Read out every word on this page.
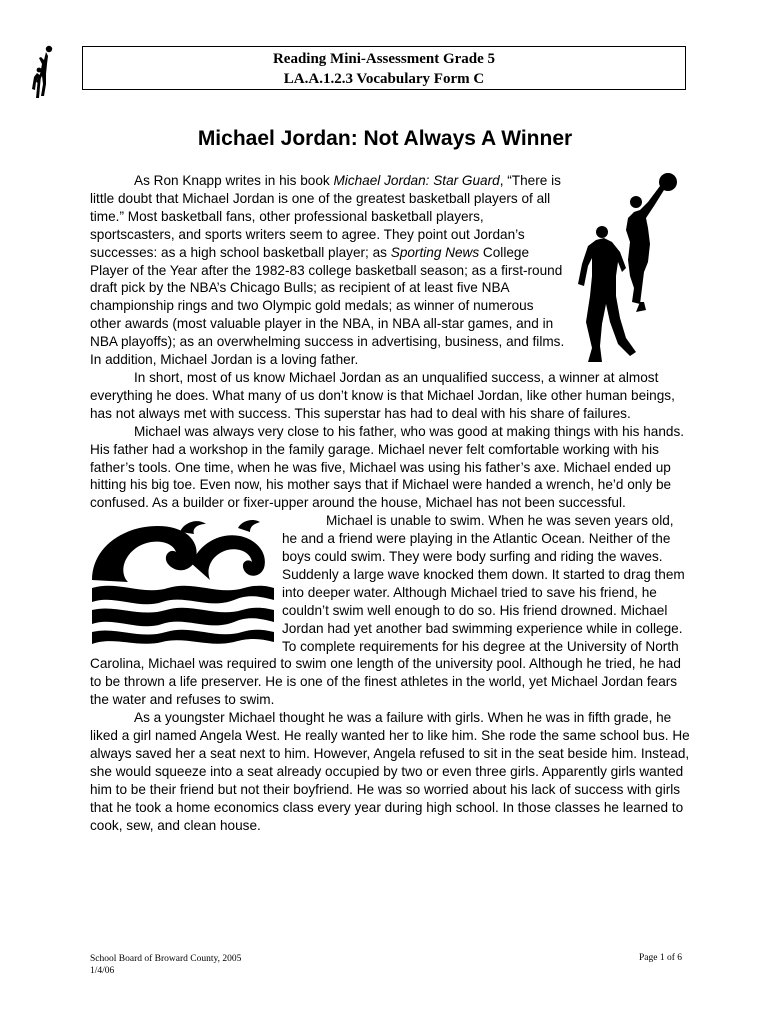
Reading Mini-Assessment Grade 5
LA.A.1.2.3 Vocabulary Form C
Michael Jordan: Not Always A Winner

As Ron Knapp writes in his book Michael Jordan: Star Guard, “There is little doubt that Michael Jordan is one of the greatest basketball players of all time.” Most basketball fans, other professional basketball players, sportscasters, and sports writers seem to agree. They point out Jordan’s successes: as a high school basketball player; as Sporting News College Player of the Year after the 1982-83 college basketball season; as a first-round draft pick by the NBA’s Chicago Bulls; as recipient of at least five NBA championship rings and two Olympic gold medals; as winner of numerous other awards (most valuable player in the NBA, in NBA all-star games, and in NBA playoffs); as an overwhelming success in advertising, business, and films. In addition, Michael Jordan is a loving father.

In short, most of us know Michael Jordan as an unqualified success, a winner at almost everything he does. What many of us don’t know is that Michael Jordan, like other human beings, has not always met with success. This superstar has had to deal with his share of failures.

Michael was always very close to his father, who was good at making things with his hands. His father had a workshop in the family garage. Michael never felt comfortable working with his father’s tools. One time, when he was five, Michael was using his father’s axe. Michael ended up hitting his big toe. Even now, his mother says that if Michael were handed a wrench, he’d only be confused. As a builder or fixer-upper around the house, Michael has not been successful.

Michael is unable to swim. When he was seven years old, he and a friend were playing in the Atlantic Ocean. Neither of the boys could swim. They were body surfing and riding the waves. Suddenly a large wave knocked them down. It started to drag them into deeper water. Although Michael tried to save his friend, he couldn’t swim well enough to do so. His friend drowned. Michael Jordan had yet another bad swimming experience while in college. To complete requirements for his degree at the University of North Carolina, Michael was required to swim one length of the university pool. Although he tried, he had to be thrown a life preserver. He is one of the finest athletes in the world, yet Michael Jordan fears the water and refuses to swim.

As a youngster Michael thought he was a failure with girls. When he was in fifth grade, he liked a girl named Angela West. He really wanted her to like him. She rode the same school bus. He always saved her a seat next to him. However, Angela refused to sit in the seat beside him. Instead, she would squeeze into a seat already occupied by two or even three girls. Apparently girls wanted him to be their friend but not their boyfriend. He was so worried about his lack of success with girls that he took a home economics class every year during high school. In those classes he learned to cook, sew, and clean house.

School Board of Broward County, 2005
1/4/06
Page 1 of 6
